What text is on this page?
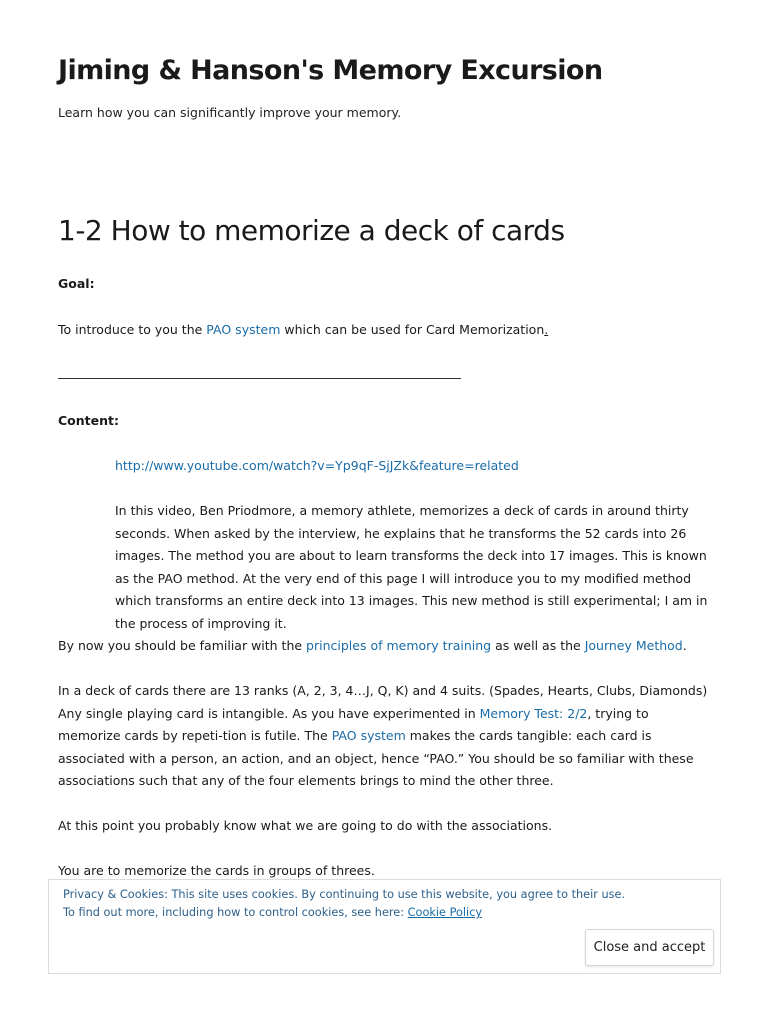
Jiming & Hanson's Memory Excursion
Learn how you can significantly improve your memory.
1-2 How to memorize a deck of cards
Goal:
To introduce to you the PAO system which can be used for Card Memorization.
Content:
http://www.youtube.com/watch?v=Yp9qF-SjJZk&feature=related
In this video, Ben Priodmore, a memory athlete, memorizes a deck of cards in around thirty seconds. When asked by the interview, he explains that he transforms the 52 cards into 26 images. The method you are about to learn transforms the deck into 17 images. This is known as the PAO method. At the very end of this page I will introduce you to my modified method which transforms an entire deck into 13 images. This new method is still experimental; I am in the process of improving it.
By now you should be familiar with the principles of memory training as well as the Journey Method.
In a deck of cards there are 13 ranks (A, 2, 3, 4…J, Q, K) and 4 suits. (Spades, Hearts, Clubs, Diamonds) Any single playing card is intangible. As you have experimented in Memory Test: 2/2, trying to memorize cards by repeti-tion is futile. The PAO system makes the cards tangible: each card is associated with a person, an action, and an object, hence “PAO.” You should be so familiar with these associations such that any of the four elements brings to mind the other three.
At this point you probably know what we are going to do with the associations.
You are to memorize the cards in groups of threes.
Privacy & Cookies: This site uses cookies. By continuing to use this website, you agree to their use.
To find out more, including how to control cookies, see here: Cookie Policy
Close and accept
